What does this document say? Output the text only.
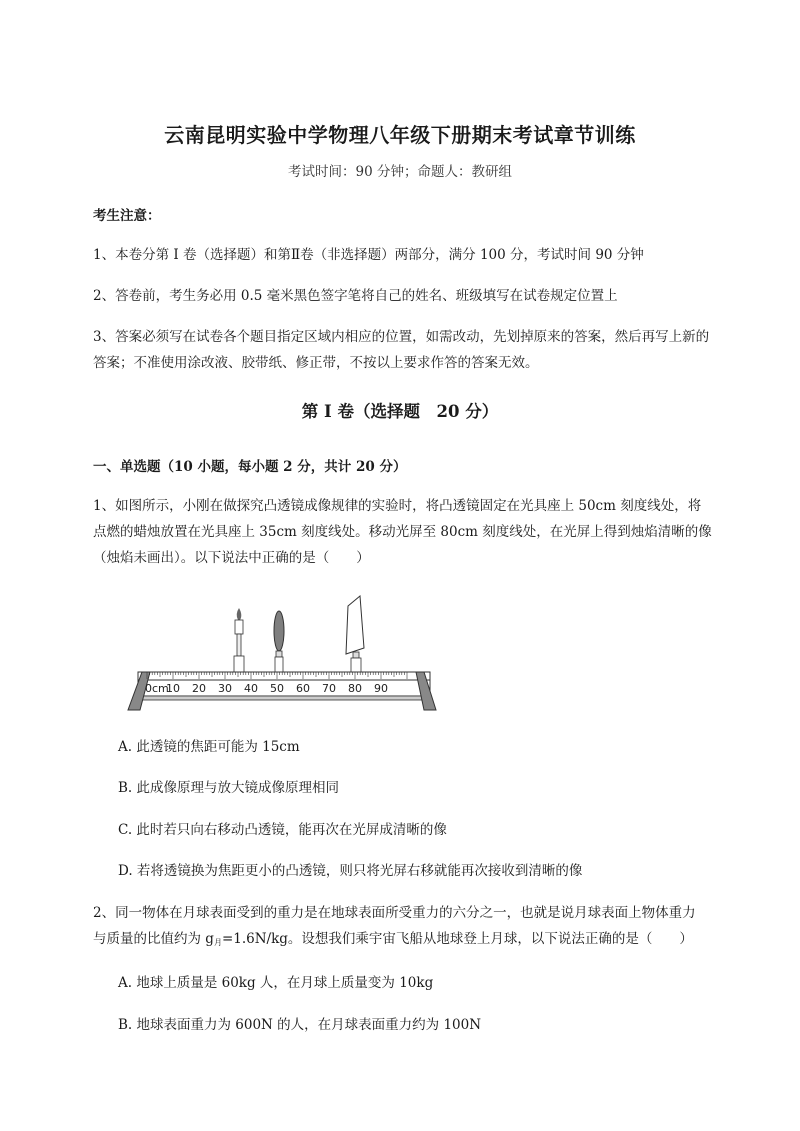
云南昆明实验中学物理八年级下册期末考试章节训练
考试时间：90 分钟；命题人：教研组
考生注意：
1、本卷分第 I 卷（选择题）和第Ⅱ卷（非选择题）两部分，满分 100 分，考试时间 90 分钟
2、答卷前，考生务必用 0.5 毫米黑色签字笔将自己的姓名、班级填写在试卷规定位置上
3、答案必须写在试卷各个题目指定区域内相应的位置，如需改动，先划掉原来的答案，然后再写上新的答案；不准使用涂改液、胶带纸、修正带，不按以上要求作答的答案无效。
第 I 卷（选择题　20 分）
一、单选题（10 小题，每小题 2 分，共计 20 分）
1、如图所示，小刚在做探究凸透镜成像规律的实验时，将凸透镜固定在光具座上 50cm 刻度线处，将点燃的蜡烛放置在光具座上 35cm 刻度线处。移动光屏至 80cm 刻度线处，在光屏上得到烛焰清晰的像（烛焰未画出）。以下说法中正确的是（　　）
0cm
10 20 30 40 50 60 70 80 90
A. 此透镜的焦距可能为 15cm
B. 此成像原理与放大镜成像原理相同
C. 此时若只向右移动凸透镜，能再次在光屏成清晰的像
D. 若将透镜换为焦距更小的凸透镜，则只将光屏右移就能再次接收到清晰的像
2、同一物体在月球表面受到的重力是在地球表面所受重力的六分之一，也就是说月球表面上物体重力
与质量的比值约为 $g_月=1.6N/kg$。设想我们乘宇宙飞船从地球登上月球，以下说法正确的是（　　）
A. 地球上质量是 60kg 人，在月球上质量变为 10kg
B. 地球表面重力为 600N 的人，在月球表面重力约为 100N
